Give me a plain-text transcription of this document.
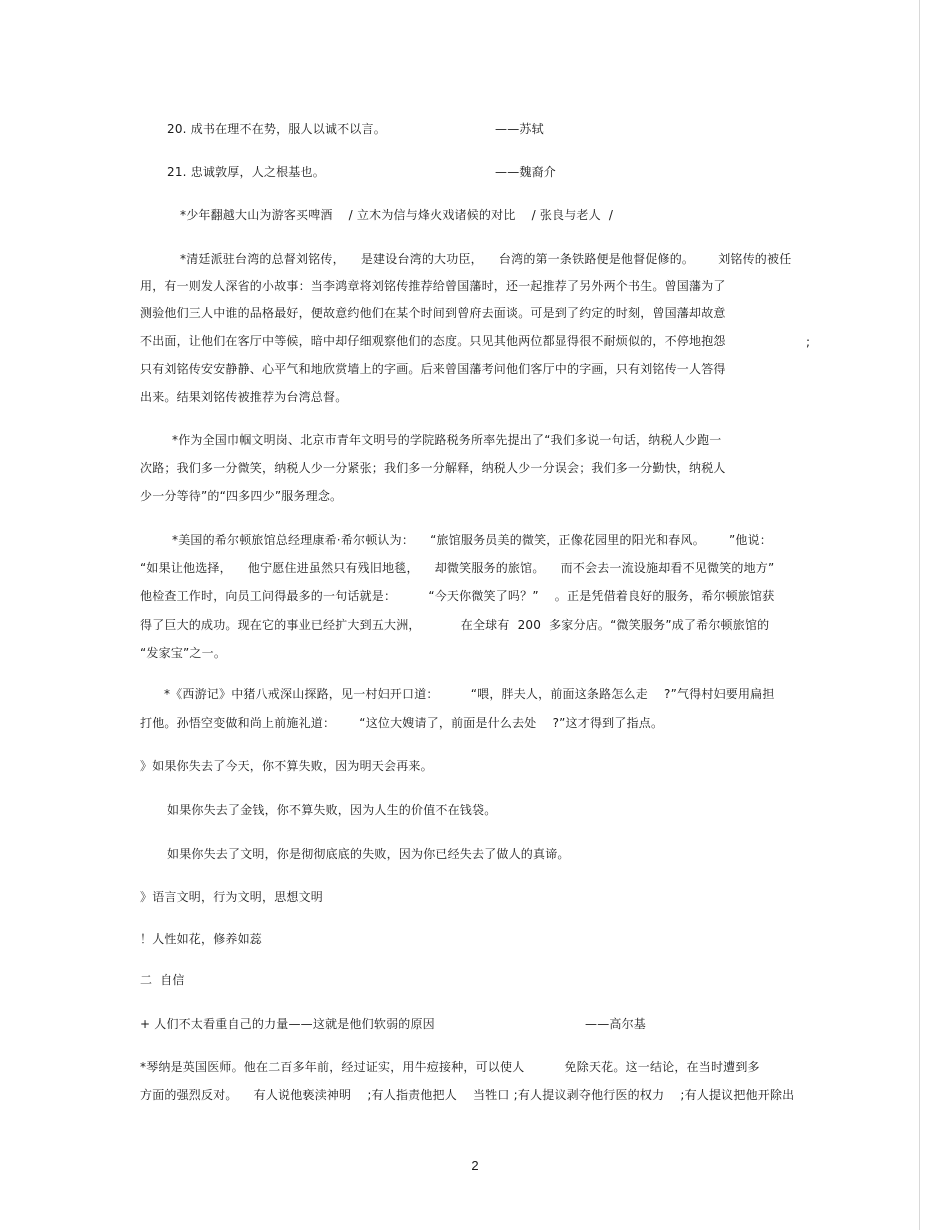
20. 成书在理不在势，服人以诚不以言。	——苏轼
21. 忠诚敦厚，人之根基也。	——魏裔介
*少年翻越大山为游客买啤酒    / 立木为信与烽火戏诸候的对比    / 张良与老人  /
*清廷派驻台湾的总督刘铭传，    是建设台湾的大功臣，    台湾的第一条铁路便是他督促修的。      刘铭传的被任
用，有一则发人深省的小故事：当李鸿章将刘铭传推荐给曾国藩时，还一起推荐了另外两个书生。曾国藩为了
测验他们三人中谁的品格最好，便故意约他们在某个时间到曾府去面谈。可是到了约定的时刻，曾国藩却故意
不出面，让他们在客厅中等候，暗中却仔细观察他们的态度。只见其他两位都显得很不耐烦似的，不停地抱怨	;
只有刘铭传安安静静、心平气和地欣赏墙上的字画。后来曾国藩考问他们客厅中的字画，只有刘铭传一人答得
出来。结果刘铭传被推荐为台湾总督。
*作为全国巾帼文明岗、北京市青年文明号的学院路税务所率先提出了“我们多说一句话，纳税人少跑一
次路；我们多一分微笑，纳税人少一分紧张；我们多一分解释，纳税人少一分误会；我们多一分勤快，纳税人
少一分等待”的“四多四少”服务理念。
*美国的希尔顿旅馆总经理康希·希尔顿认为：    “旅馆服务员美的微笑，正像花园里的阳光和春风。      ”他说：
“如果让他选择，    他宁愿住进虽然只有残旧地毯，    却微笑服务的旅馆。    而不会去一流设施却看不见微笑的地方”
他检查工作时，向员工问得最多的一句话就是：        “今天你微笑了吗？”    。正是凭借着良好的服务，希尔顿旅馆获
得了巨大的成功。现在它的事业已经扩大到五大洲，          在全球有  200  多家分店。“微笑服务”成了希尔顿旅馆的
“发家宝”之一。
*《西游记》中猪八戒深山探路，见一村妇开口道：        “喂，胖夫人，前面这条路怎么走    ?”气得村妇要用扁担
打他。孙悟空变做和尚上前施礼道：      “这位大嫂请了，前面是什么去处    ?”这才得到了指点。
》如果你失去了今天，你不算失败，因为明天会再来。
如果你失去了金钱，你不算失败，因为人生的价值不在钱袋。
如果你失去了文明，你是彻彻底底的失败，因为你已经失去了做人的真谛。
》语言文明，行为文明，思想文明
！人性如花，修养如蕊
二  自信
+ 人们不太看重自己的力量——这就是他们软弱的原因	——高尔基
*琴纳是英国医师。他在二百多年前，经过证实，用牛痘接种，可以使人          免除天花。这一结论，在当时遭到多
方面的强烈反对。    有人说他亵渎神明    ;有人指责他把人    当牲口 ;有人提议剥夺他行医的权力    ;有人提议把他开除出
2
